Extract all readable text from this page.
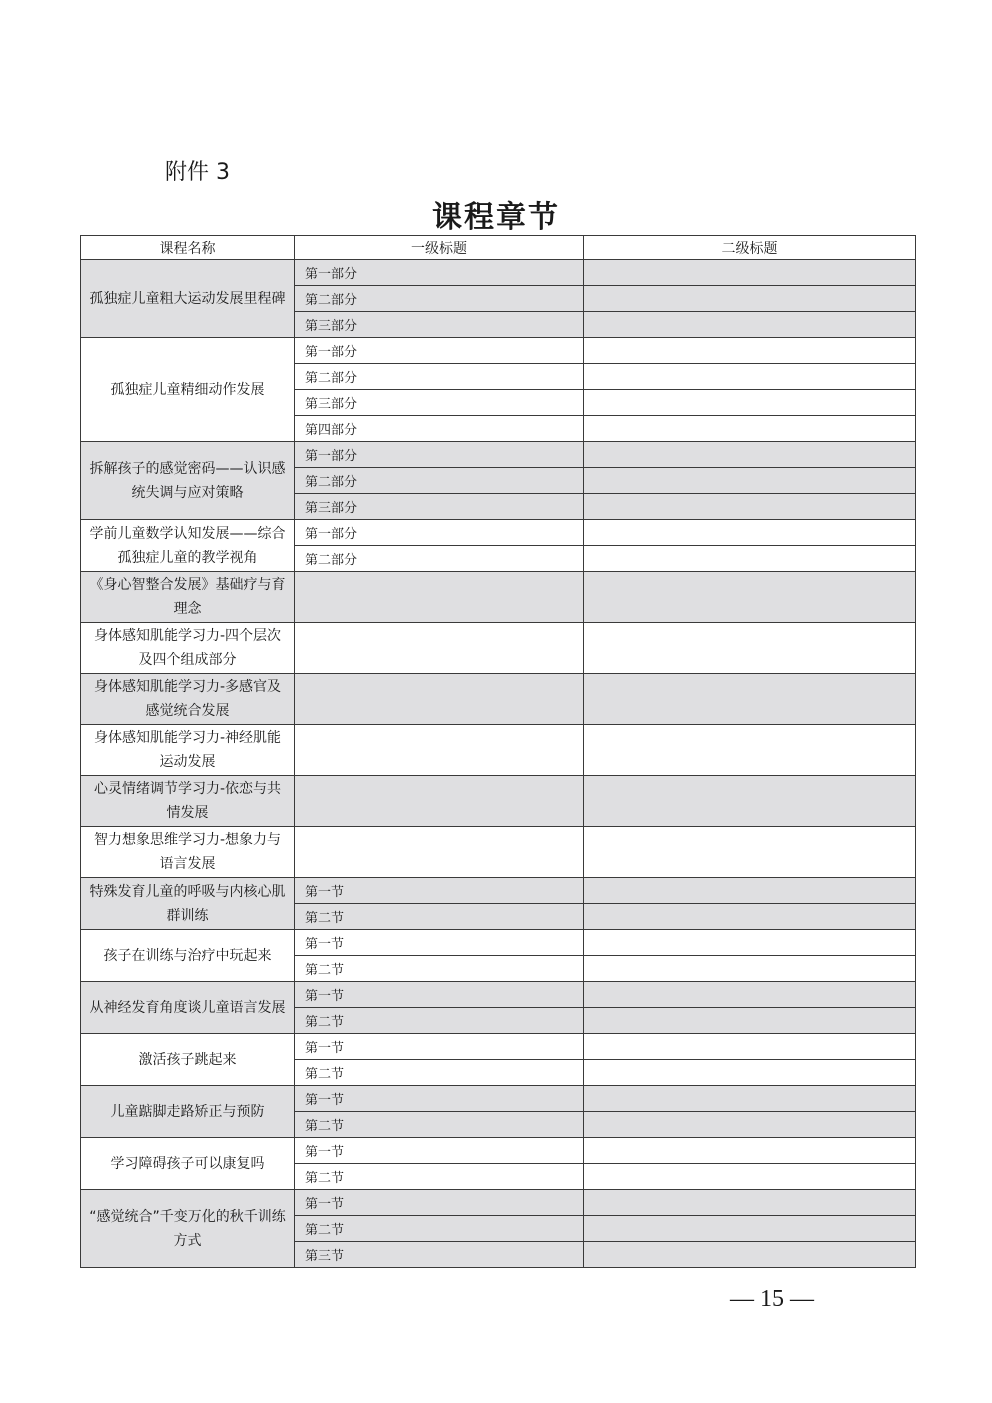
附件 3
课程章节
课程名称	一级标题	二级标题
孤独症儿童粗大运动发展里程碑	第一部分	
	第二部分	
	第三部分	
孤独症儿童精细动作发展	第一部分	
	第二部分	
	第三部分	
	第四部分	
拆解孩子的感觉密码——认识感统失调与应对策略	第一部分	
	第二部分	
	第三部分	
学前儿童数学认知发展——综合孤独症儿童的教学视角	第一部分	
	第二部分	
《身心智整合发展》基础疗与育理念		
身体感知肌能学习力-四个层次及四个组成部分		
身体感知肌能学习力-多感官及感觉统合发展		
身体感知肌能学习力-神经肌能运动发展		
心灵情绪调节学习力-依恋与共情发展		
智力想象思维学习力-想象力与语言发展		
特殊发育儿童的呼吸与内核心肌群训练	第一节	
	第二节	
孩子在训练与治疗中玩起来	第一节	
	第二节	
从神经发育角度谈儿童语言发展	第一节	
	第二节	
激活孩子跳起来	第一节	
	第二节	
儿童踮脚走路矫正与预防	第一节	
	第二节	
学习障碍孩子可以康复吗	第一节	
	第二节	
“感觉统合”千变万化的秋千训练方式	第一节	
	第二节	
	第三节	
— 15 —
